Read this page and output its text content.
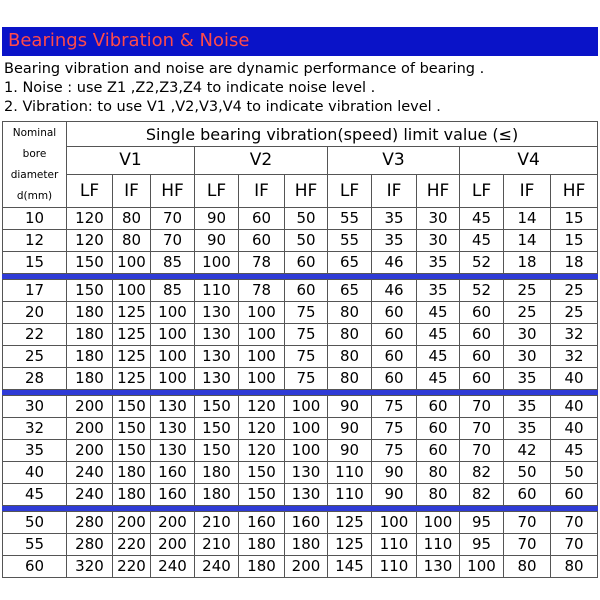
Bearings Vibration & Noise
Bearing vibration and noise are dynamic performance of bearing .
1. Noise : use Z1 ,Z2,Z3,Z4 to indicate noise level .
2. Vibration: to use V1 ,V2,V3,V4 to indicate vibration level .
Nominal bore diameter d(mm)	Single bearing vibration(speed) limit value (≤)											
	V1			V2			V3			V4		
	LF	IF	HF	LF	IF	HF	LF	IF	HF	LF	IF	HF
10	120	80	70	90	60	50	55	35	30	45	14	15
12	120	80	70	90	60	50	55	35	30	45	14	15
15	150	100	85	100	78	60	65	46	35	52	18	18

17	150	100	85	110	78	60	65	46	35	52	25	25
20	180	125	100	130	100	75	80	60	45	60	25	25
22	180	125	100	130	100	75	80	60	45	60	30	32
25	180	125	100	130	100	75	80	60	45	60	30	32
28	180	125	100	130	100	75	80	60	45	60	35	40

30	200	150	130	150	120	100	90	75	60	70	35	40
32	200	150	130	150	120	100	90	75	60	70	35	40
35	200	150	130	150	120	100	90	75	60	70	42	45
40	240	180	160	180	150	130	110	90	80	82	50	50
45	240	180	160	180	150	130	110	90	80	82	60	60

50	280	200	200	210	160	160	125	100	100	95	70	70
55	280	220	200	210	180	180	125	110	110	95	70	70
60	320	220	240	240	180	200	145	110	130	100	80	80
